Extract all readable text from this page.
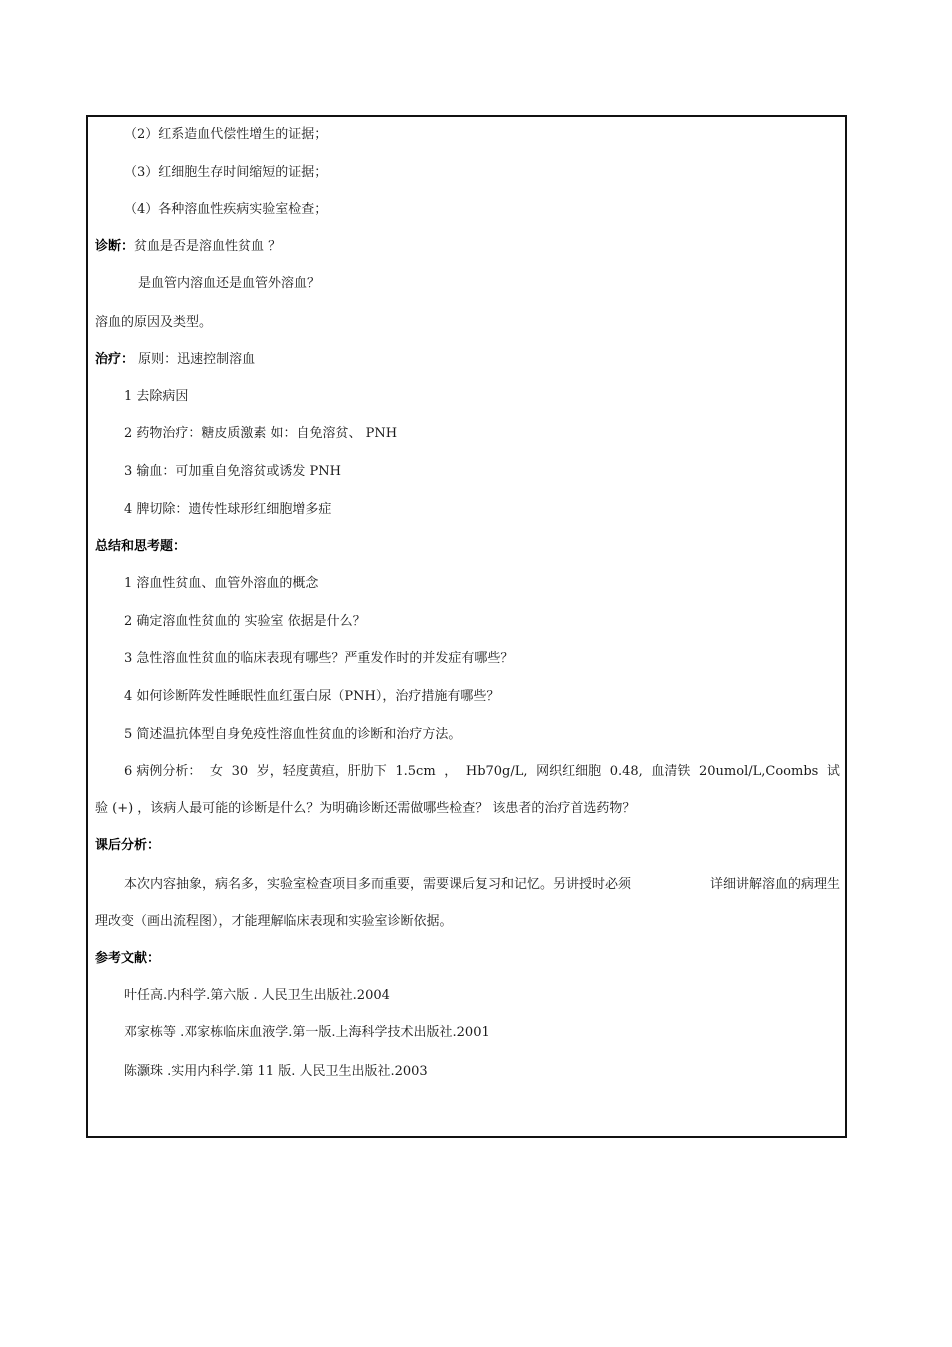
（2）红系造血代偿性增生的证据；
（3）红细胞生存时间缩短的证据；
（4）各种溶血性疾病实验室检查；
诊断：贫血是否是溶血性贫血 ？
是血管内溶血还是血管外溶血？
溶血的原因及类型。
治疗： 原则：迅速控制溶血
1 去除病因
2 药物治疗：糖皮质激素 如：自免溶贫、 PNH
3 输血：可加重自免溶贫或诱发 PNH
4 脾切除：遗传性球形红细胞增多症
总结和思考题：
1 溶血性贫血、血管外溶血的概念
2 确定溶血性贫血的 实验室 依据是什么？
3 急性溶血性贫血的临床表现有哪些？严重发作时的并发症有哪些？
4 如何诊断阵发性睡眠性血红蛋白尿（PNH），治疗措施有哪些？
5 简述温抗体型自身免疫性溶血性贫血的诊断和治疗方法。
6 病例分析： 女 30 岁，轻度黄疸，肝肋下 1.5cm ， Hb70g/L, 网织红细胞 0.48, 血清铁 20umol/L,Coombs 试
验 (+) ，该病人最可能的诊断是什么？为明确诊断还需做哪些检查？ 该患者的治疗首选药物？
课后分析：
本次内容抽象，病名多，实验室检查项目多而重要，需要课后复习和记忆。另讲授时必须	详细讲解溶血的病理生
理改变（画出流程图），才能理解临床表现和实验室诊断依据。
参考文献：
叶任高.内科学.第六版 . 人民卫生出版社.2004
邓家栋等 .邓家栋临床血液学.第一版.上海科学技术出版社.2001
陈灏珠 .实用内科学.第 11 版. 人民卫生出版社.2003
